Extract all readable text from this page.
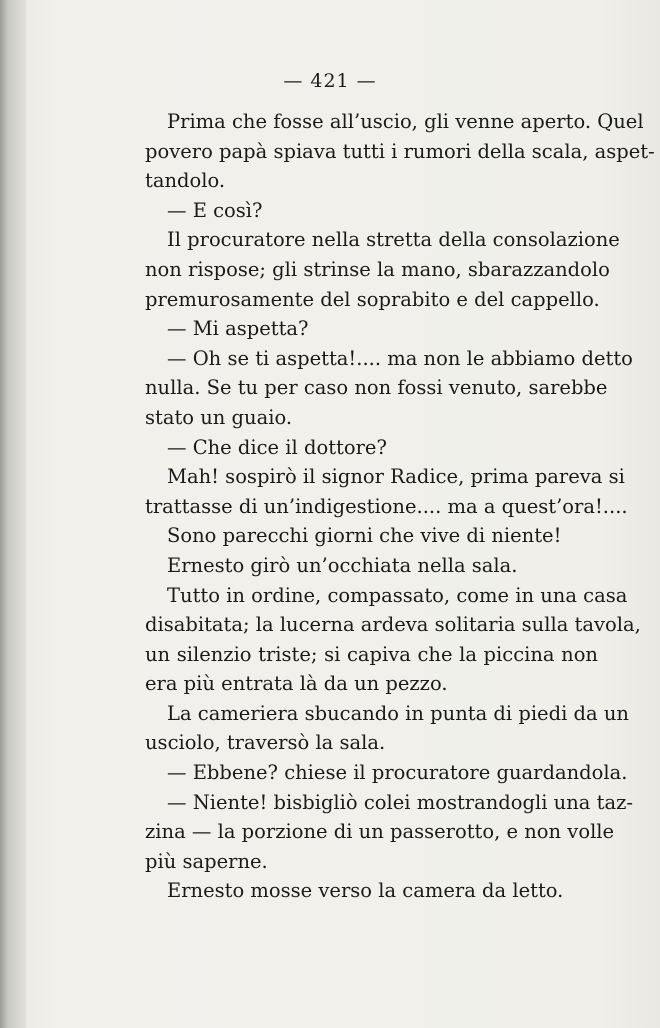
— 421 —
Prima che fosse all’uscio, gli venne aperto. Quel
povero papà spiava tutti i rumori della scala, aspet-
tandolo.
— E così?
Il procuratore nella stretta della consolazione
non rispose; gli strinse la mano, sbarazzandolo
premurosamente del soprabito e del cappello.
— Mi aspetta?
— Oh se ti aspetta!.... ma non le abbiamo detto
nulla. Se tu per caso non fossi venuto, sarebbe
stato un guaio.
— Che dice il dottore?
Mah! sospirò il signor Radice, prima pareva si
trattasse di un’indigestione.... ma a quest’ora!....
Sono parecchi giorni che vive di niente!
Ernesto girò un’occhiata nella sala.
Tutto in ordine, compassato, come in una casa
disabitata; la lucerna ardeva solitaria sulla tavola,
un silenzio triste; si capiva che la piccina non
era più entrata là da un pezzo.
La cameriera sbucando in punta di piedi da un
usciolo, traversò la sala.
— Ebbene? chiese il procuratore guardandola.
— Niente! bisbigliò colei mostrandogli una taz-
zina — la porzione di un passerotto, e non volle
più saperne.
Ernesto mosse verso la camera da letto.
